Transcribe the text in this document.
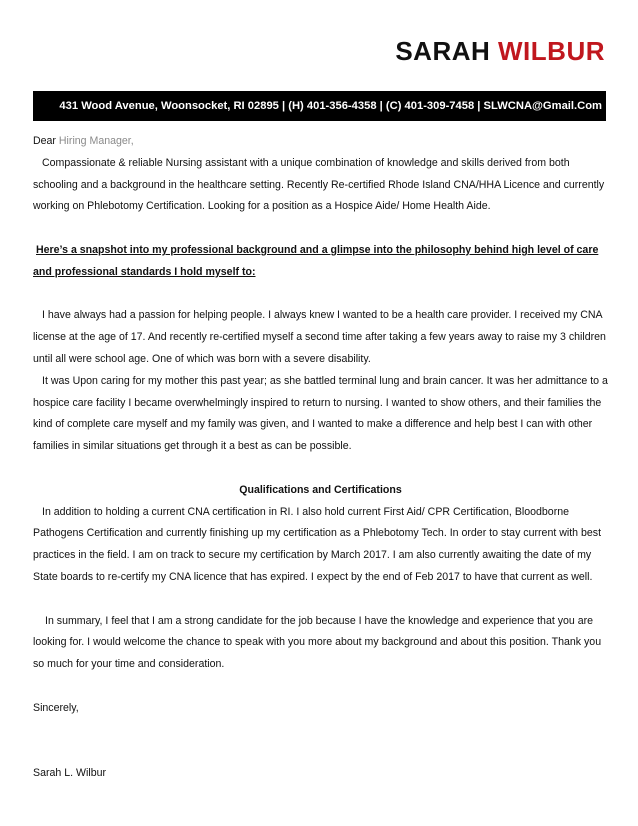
SARAH WILBUR
431 Wood Avenue, Woonsocket, RI 02895 | (H) 401-356-4358 | (C) 401-309-7458 | SLWCNA@Gmail.Com

Dear Hiring Manager,

Compassionate & reliable Nursing assistant with a unique combination of knowledge and skills derived from both schooling and a background in the healthcare setting. Recently Re-certified Rhode Island CNA/HHA Licence and currently working on Phlebotomy Certification. Looking for a position as a Hospice Aide/ Home Health Aide.

Here’s a snapshot into my professional background and a glimpse into the philosophy behind high level of care and professional standards I hold myself to:

I have always had a passion for helping people. I always knew I wanted to be a health care provider. I received my CNA license at the age of 17. And recently re-certified myself a second time after taking a few years away to raise my 3 children until all were school age. One of which was born with a severe disability.

It was Upon caring for my mother this past year; as she battled terminal lung and brain cancer. It was her admittance to a hospice care facility I became overwhelmingly inspired to return to nursing. I wanted to show others, and their families the kind of complete care myself and my family was given, and I wanted to make a difference and help best I can with other families in similar situations get through it a best as can be possible.

Qualifications and Certifications

In addition to holding a current CNA certification in RI. I also hold current First Aid/ CPR Certification, Bloodborne Pathogens Certification and currently finishing up my certification as a Phlebotomy Tech. In order to stay current with best practices in the field. I am on track to secure my certification by March 2017. I am also currently awaiting the date of my State boards to re-certify my CNA licence that has expired. I expect by the end of Feb 2017 to have that current as well.

In summary, I feel that I am a strong candidate for the job because I have the knowledge and experience that you are looking for. I would welcome the chance to speak with you more about my background and about this position. Thank you so much for your time and consideration.

Sincerely,

Sarah L. Wilbur
